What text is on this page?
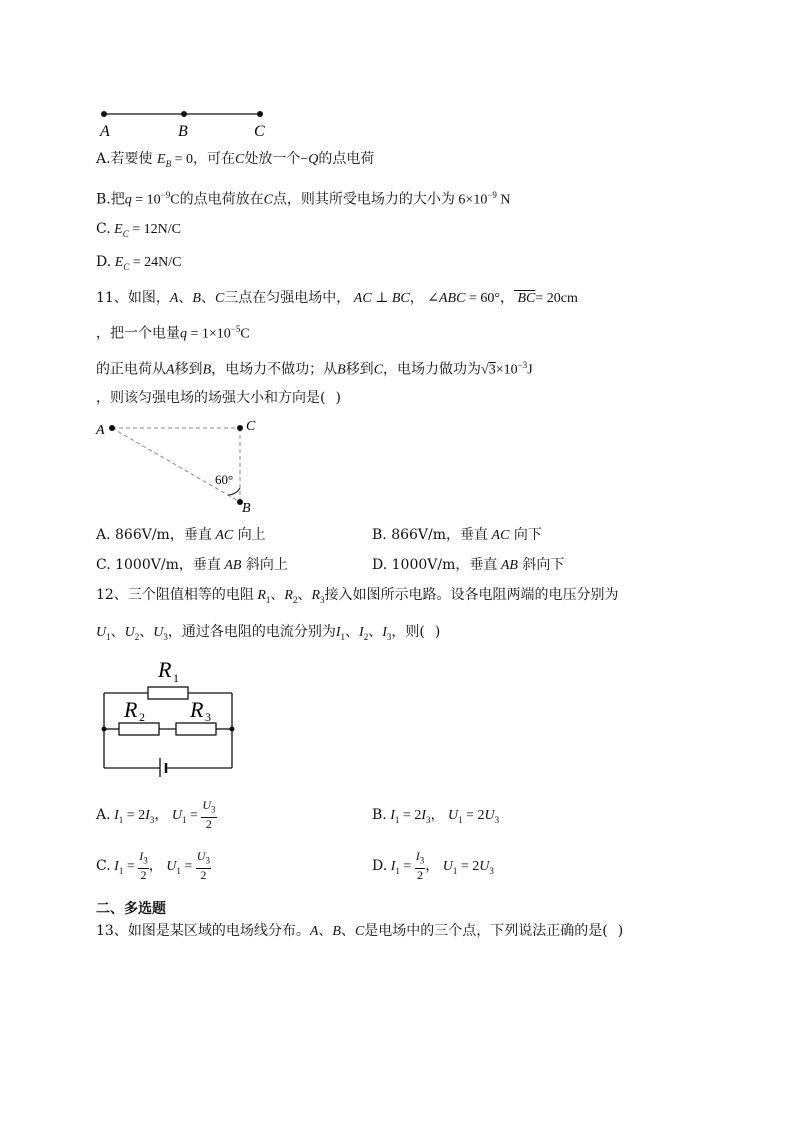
A	B	C
A.若要使 $E_B = 0$，可在C处放一个−Q的点电荷
B.把$q = 10^{-9}C$的点电荷放在C点，则其所受电场力的大小为 $6\times 10^{-9}$ N
C. $E_C = 12N/C$
D. $E_C = 24N/C$
11、如图，A、B、C三点在匀强电场中， AC ⊥ BC， ∠ABC = 60°， BC= 20cm
，把一个电量$q = 1\times 10^{-5}C$
的正电荷从A移到B，电场力不做功；从B移到C，电场力做功为$√3\times 10^{-3}J$
，则该匀强电场的场强大小和方向是( )
A	C
B
60°
A. 866V/m，垂直 AC 向上	B. 866V/m，垂直 AC 向下
C. 1000V/m，垂直 AB 斜向上	D. 1000V/m，垂直 AB 斜向下
12、三个阻值相等的电阻 $R_1$、$R_2$、$R_3$接入如图所示电路。设各电阻两端的电压分别为
$U_1$、$U_2$、$U_3$，通过各电阻的电流分别为$I_1$、$I_2$、$I_3$，则( )
R 1
R 2 R 3
A. $I_1 = 2I_3$， $U_1 = \frac{U_3}{2}$	B. $I_1 = 2I_3$， $U_1 = 2U_3$
C. $I_1 = \frac{I_3}{2}$ ， $U_1 = \frac{U_3}{2}$	D. $I_1 = \frac{I_3}{2}$ ， $U_1 = 2U_3$
二、多选题
13、如图是某区域的电场线分布。A、B、C是电场中的三个点，下列说法正确的是( )
